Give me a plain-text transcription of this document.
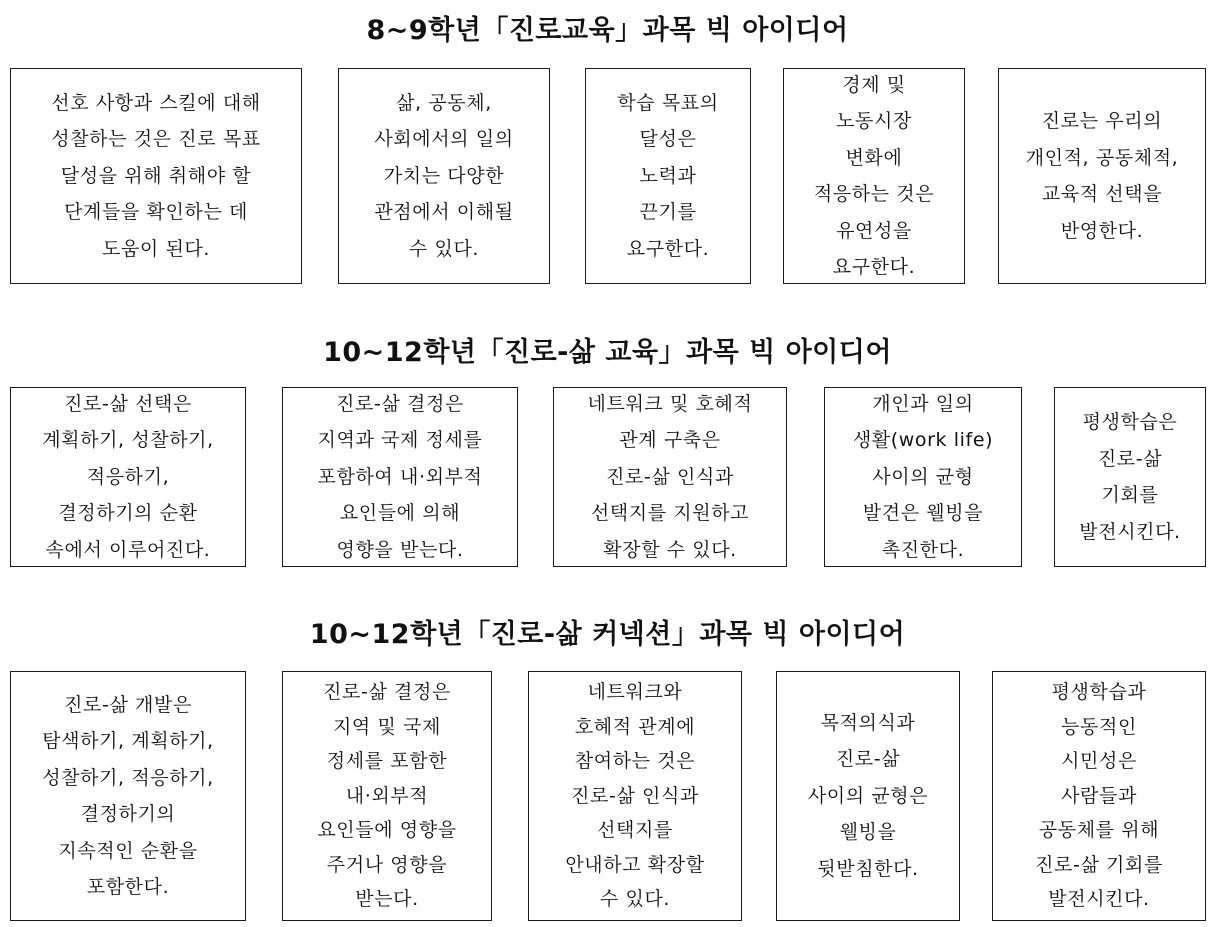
8~9학년「진로교육」과목 빅 아이디어
선호 사항과 스킬에 대해
성찰하는 것은 진로 목표
달성을 위해 취해야 할
단계들을 확인하는 데
도움이 된다.
삶, 공동체,
사회에서의 일의
가치는 다양한
관점에서 이해될
수 있다.
학습 목표의
달성은
노력과
끈기를
요구한다.
경제 및
노동시장
변화에
적응하는 것은
유연성을
요구한다.
진로는 우리의
개인적, 공동체적,
교육적 선택을
반영한다.
10~12학년「진로-삶 교육」과목 빅 아이디어
진로-삶 선택은
계획하기, 성찰하기,
적응하기,
결정하기의 순환
속에서 이루어진다.
진로-삶 결정은
지역과 국제 정세를
포함하여 내·외부적
요인들에 의해
영향을 받는다.
네트워크 및 호혜적
관계 구축은
진로-삶 인식과
선택지를 지원하고
확장할 수 있다.
개인과 일의
생활(work life)
사이의 균형
발견은 웰빙을
촉진한다.
평생학습은
진로-삶
기회를
발전시킨다.
10~12학년「진로-삶 커넥션」과목 빅 아이디어
진로-삶 개발은
탐색하기, 계획하기,
성찰하기, 적응하기,
결정하기의
지속적인 순환을
포함한다.
진로-삶 결정은
지역 및 국제
정세를 포함한
내·외부적
요인들에 영향을
주거나 영향을
받는다.
네트워크와
호혜적 관계에
참여하는 것은
진로-삶 인식과
선택지를
안내하고 확장할
수 있다.
목적의식과
진로-삶
사이의 균형은
웰빙을
뒷받침한다.
평생학습과
능동적인
시민성은
사람들과
공동체를 위해
진로-삶 기회를
발전시킨다.
